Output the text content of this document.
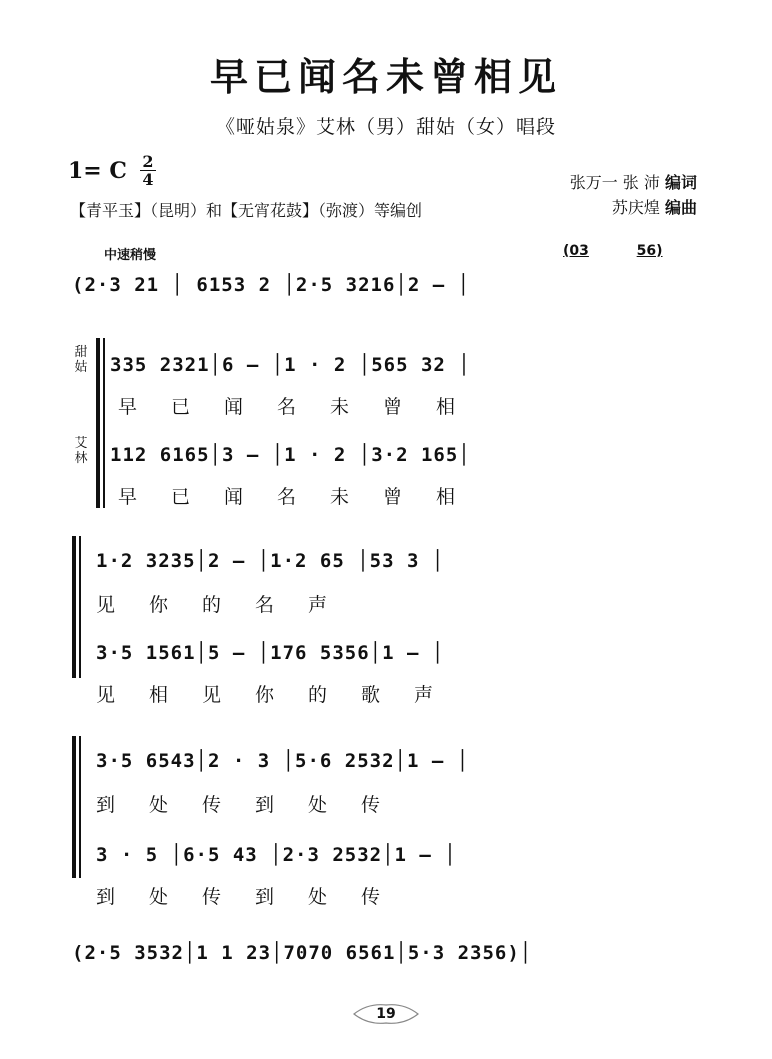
早已闻名未曾相见
《哑姑泉》艾林（男）甜姑（女）唱段
1= C 2
4	张万一 张 沛 编词
苏庆煌 编曲
【青平玉】（昆明）和【无宵花鼓】（弥渡）等编创
中速稍慢	(03	56)
(2·3 21 │ 6153 2 │2·5 3216│2 — │
甜
姑
艾
林
335 2321│6 — │1 · 2 │565 32 │
早已闻名未曾相
112 6165│3 — │1 · 2 │3·2 165│
早已闻名未曾相
1·2 3235│2 — │1·2 65 │53 3 │
见你的名声
3·5 1561│5 — │176 5356│1 — │
见相见你的歌声
3·5 6543│2 · 3 │5·6 2532│1 — │
到处传到处传
3 · 5 │6·5 43 │2·3 2532│1 — │
到处传到处传
(2·5 3532│1 1 23│7070 6561│5·3 2356)│
19
